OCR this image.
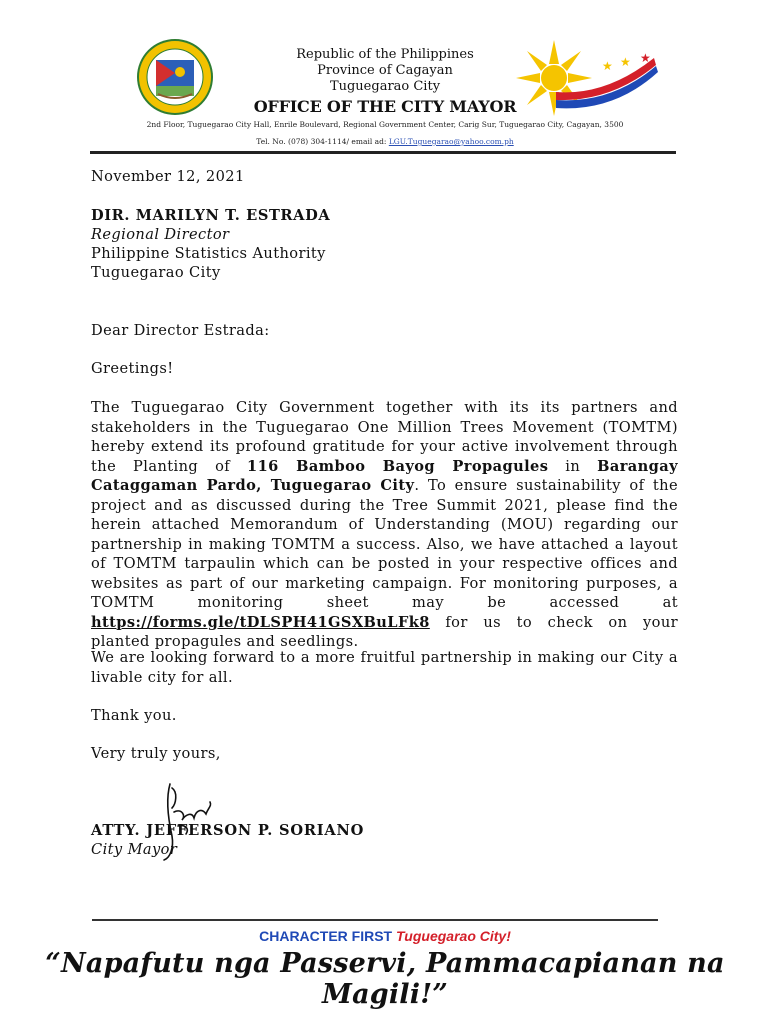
Republic of the Philippines
Province of Cagayan
Tuguegarao City
OFFICE OF THE CITY MAYOR
2nd Floor, Tuguegarao City Hall, Enrile Boulevard, Regional Government Center, Carig Sur, Tuguegarao City, Cagayan, 3500
Tel. No. (078) 304-1114/ email ad: LGU.Tuguegarao@yahoo.com.ph
★ ★ ★
November 12, 2021
DIR. MARILYN T. ESTRADA
Regional Director
Philippine Statistics Authority
Tuguegarao City
Dear Director Estrada:
Greetings!
The Tuguegarao City Government together with its its partners and stakeholders in the Tuguegarao One Million Trees Movement (TOMTM) hereby extend its profound gratitude for your active involvement through the Planting of 116 Bamboo Bayog Propagules in Barangay Cataggaman Pardo, Tuguegarao City. To ensure sustainability of the project and as discussed during the Tree Summit 2021, please find the herein attached Memorandum of Understanding (MOU) regarding our partnership in making TOMTM a success. Also, we have attached a layout of TOMTM tarpaulin which can be posted in your respective offices and websites as part of our marketing campaign. For monitoring purposes, a TOMTM monitoring sheet may be accessed at https://forms.gle/tDLSPH41GSXBuLFk8 for us to check on your planted propagules and seedlings.
We are looking forward to a more fruitful partnership in making our City a livable city for all.
Thank you.
Very truly yours,
ATTY. JEFFERSON P. SORIANO
City Mayor
CHARACTER FIRST Tuguegarao City!
“Napafutu nga Passervi, Pammacapianan na Magili!”
